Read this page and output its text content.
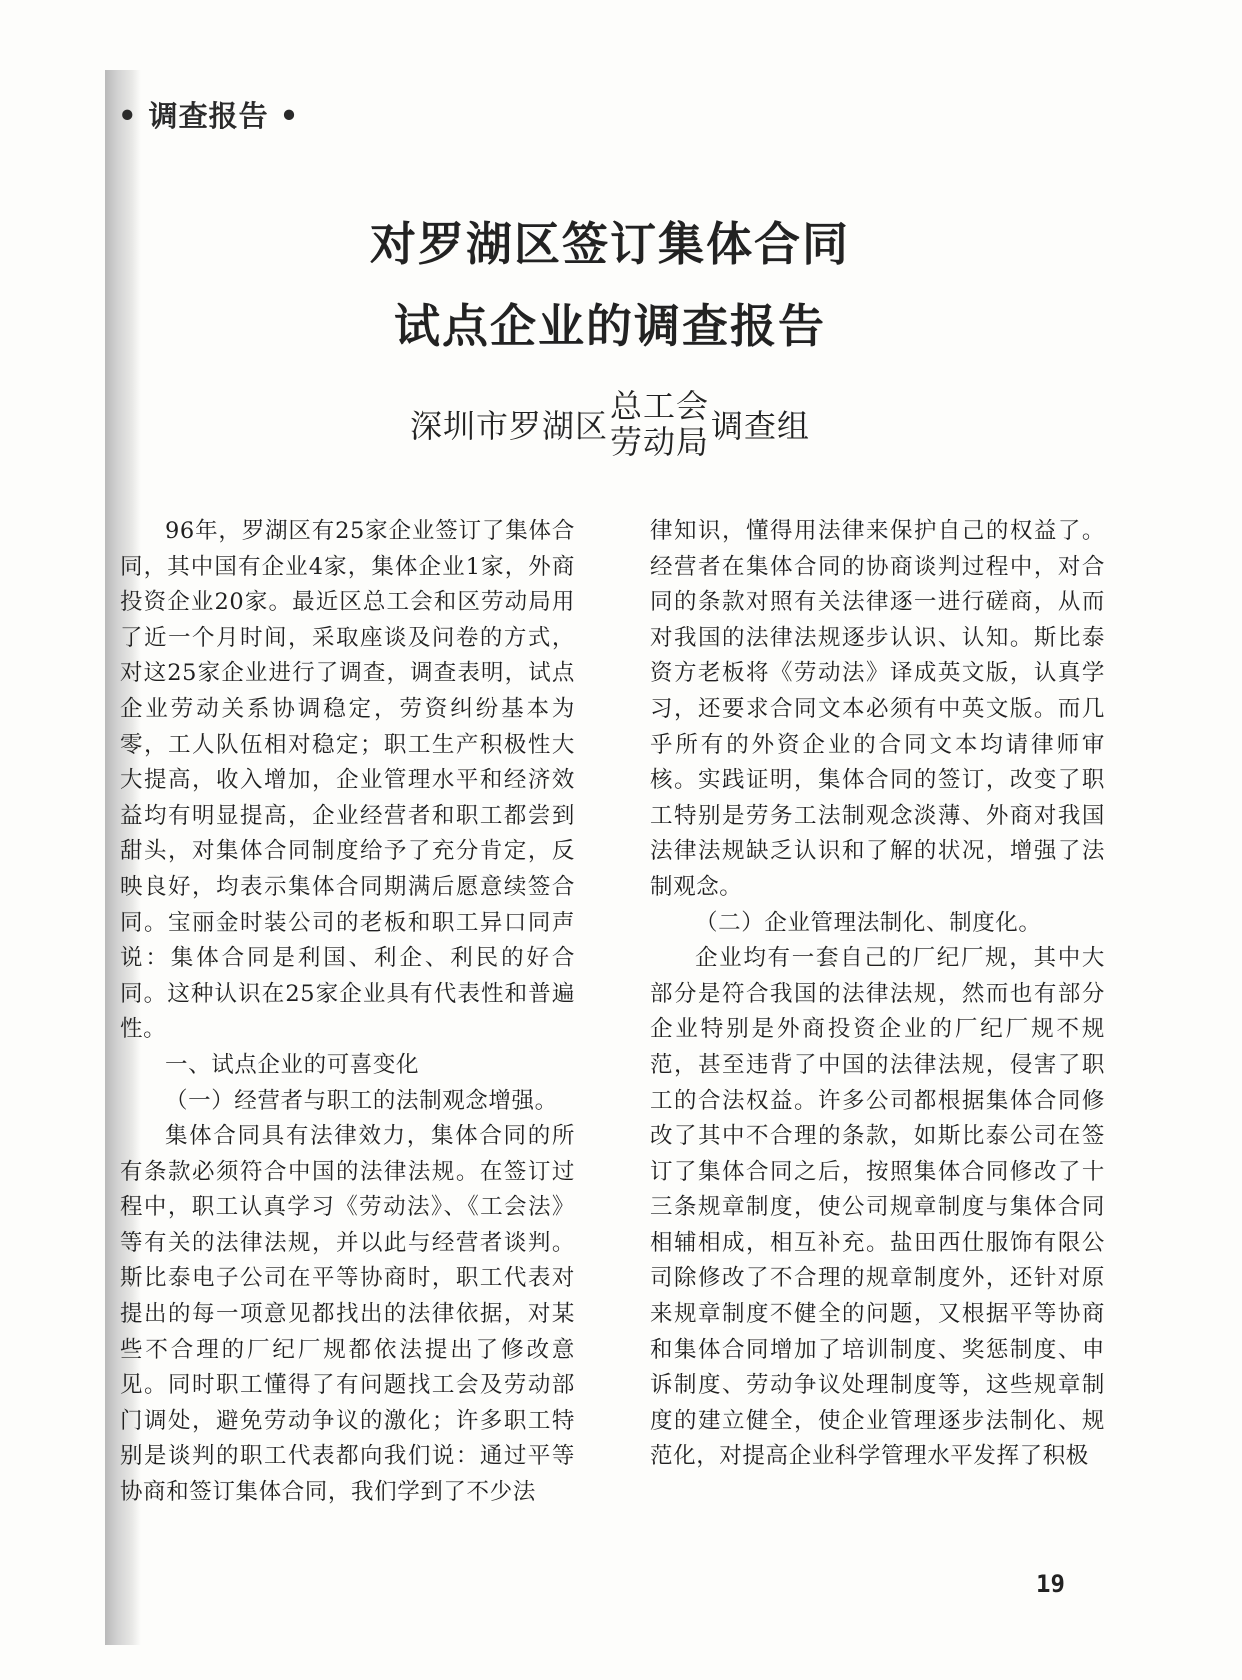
• 调查报告 •
对罗湖区签订集体合同
试点企业的调查报告
深圳市罗湖区
总工会
劳动局 调查组

96年，罗湖区有25家企业签订了集体合同，其中国有企业4家，集体企业1家，外商投资企业20家。最近区总工会和区劳动局用了近一个月时间，采取座谈及问卷的方式，对这25家企业进行了调查，调查表明，试点企业劳动关系协调稳定，劳资纠纷基本为零，工人队伍相对稳定；职工生产积极性大大提高，收入增加，企业管理水平和经济效益均有明显提高，企业经营者和职工都尝到甜头，对集体合同制度给予了充分肯定，反映良好，均表示集体合同期满后愿意续签合同。宝丽金时装公司的老板和职工异口同声说：集体合同是利国、利企、利民的好合同。这种认识在25家企业具有代表性和普遍性。

一、试点企业的可喜变化

（一）经营者与职工的法制观念增强。

集体合同具有法律效力，集体合同的所有条款必须符合中国的法律法规。在签订过程中，职工认真学习《劳动法》、《工会法》等有关的法律法规，并以此与经营者谈判。斯比泰电子公司在平等协商时，职工代表对提出的每一项意见都找出的法律依据，对某些不合理的厂纪厂规都依法提出了修改意见。同时职工懂得了有问题找工会及劳动部门调处，避免劳动争议的激化；许多职工特别是谈判的职工代表都向我们说：通过平等协商和签订集体合同，我们学到了不少法

律知识，懂得用法律来保护自己的权益了。经营者在集体合同的协商谈判过程中，对合同的条款对照有关法律逐一进行磋商，从而对我国的法律法规逐步认识、认知。斯比泰资方老板将《劳动法》译成英文版，认真学习，还要求合同文本必须有中英文版。而几乎所有的外资企业的合同文本均请律师审核。实践证明，集体合同的签订，改变了职工特别是劳务工法制观念淡薄、外商对我国法律法规缺乏认识和了解的状况，增强了法制观念。

（二）企业管理法制化、制度化。

企业均有一套自己的厂纪厂规，其中大部分是符合我国的法律法规，然而也有部分企业特别是外商投资企业的厂纪厂规不规范，甚至违背了中国的法律法规，侵害了职工的合法权益。许多公司都根据集体合同修改了其中不合理的条款，如斯比泰公司在签订了集体合同之后，按照集体合同修改了十三条规章制度，使公司规章制度与集体合同相辅相成，相互补充。盐田西仕服饰有限公司除修改了不合理的规章制度外，还针对原来规章制度不健全的问题，又根据平等协商和集体合同增加了培训制度、奖惩制度、申诉制度、劳动争议处理制度等，这些规章制度的建立健全，使企业管理逐步法制化、规范化，对提高企业科学管理水平发挥了积极

19
